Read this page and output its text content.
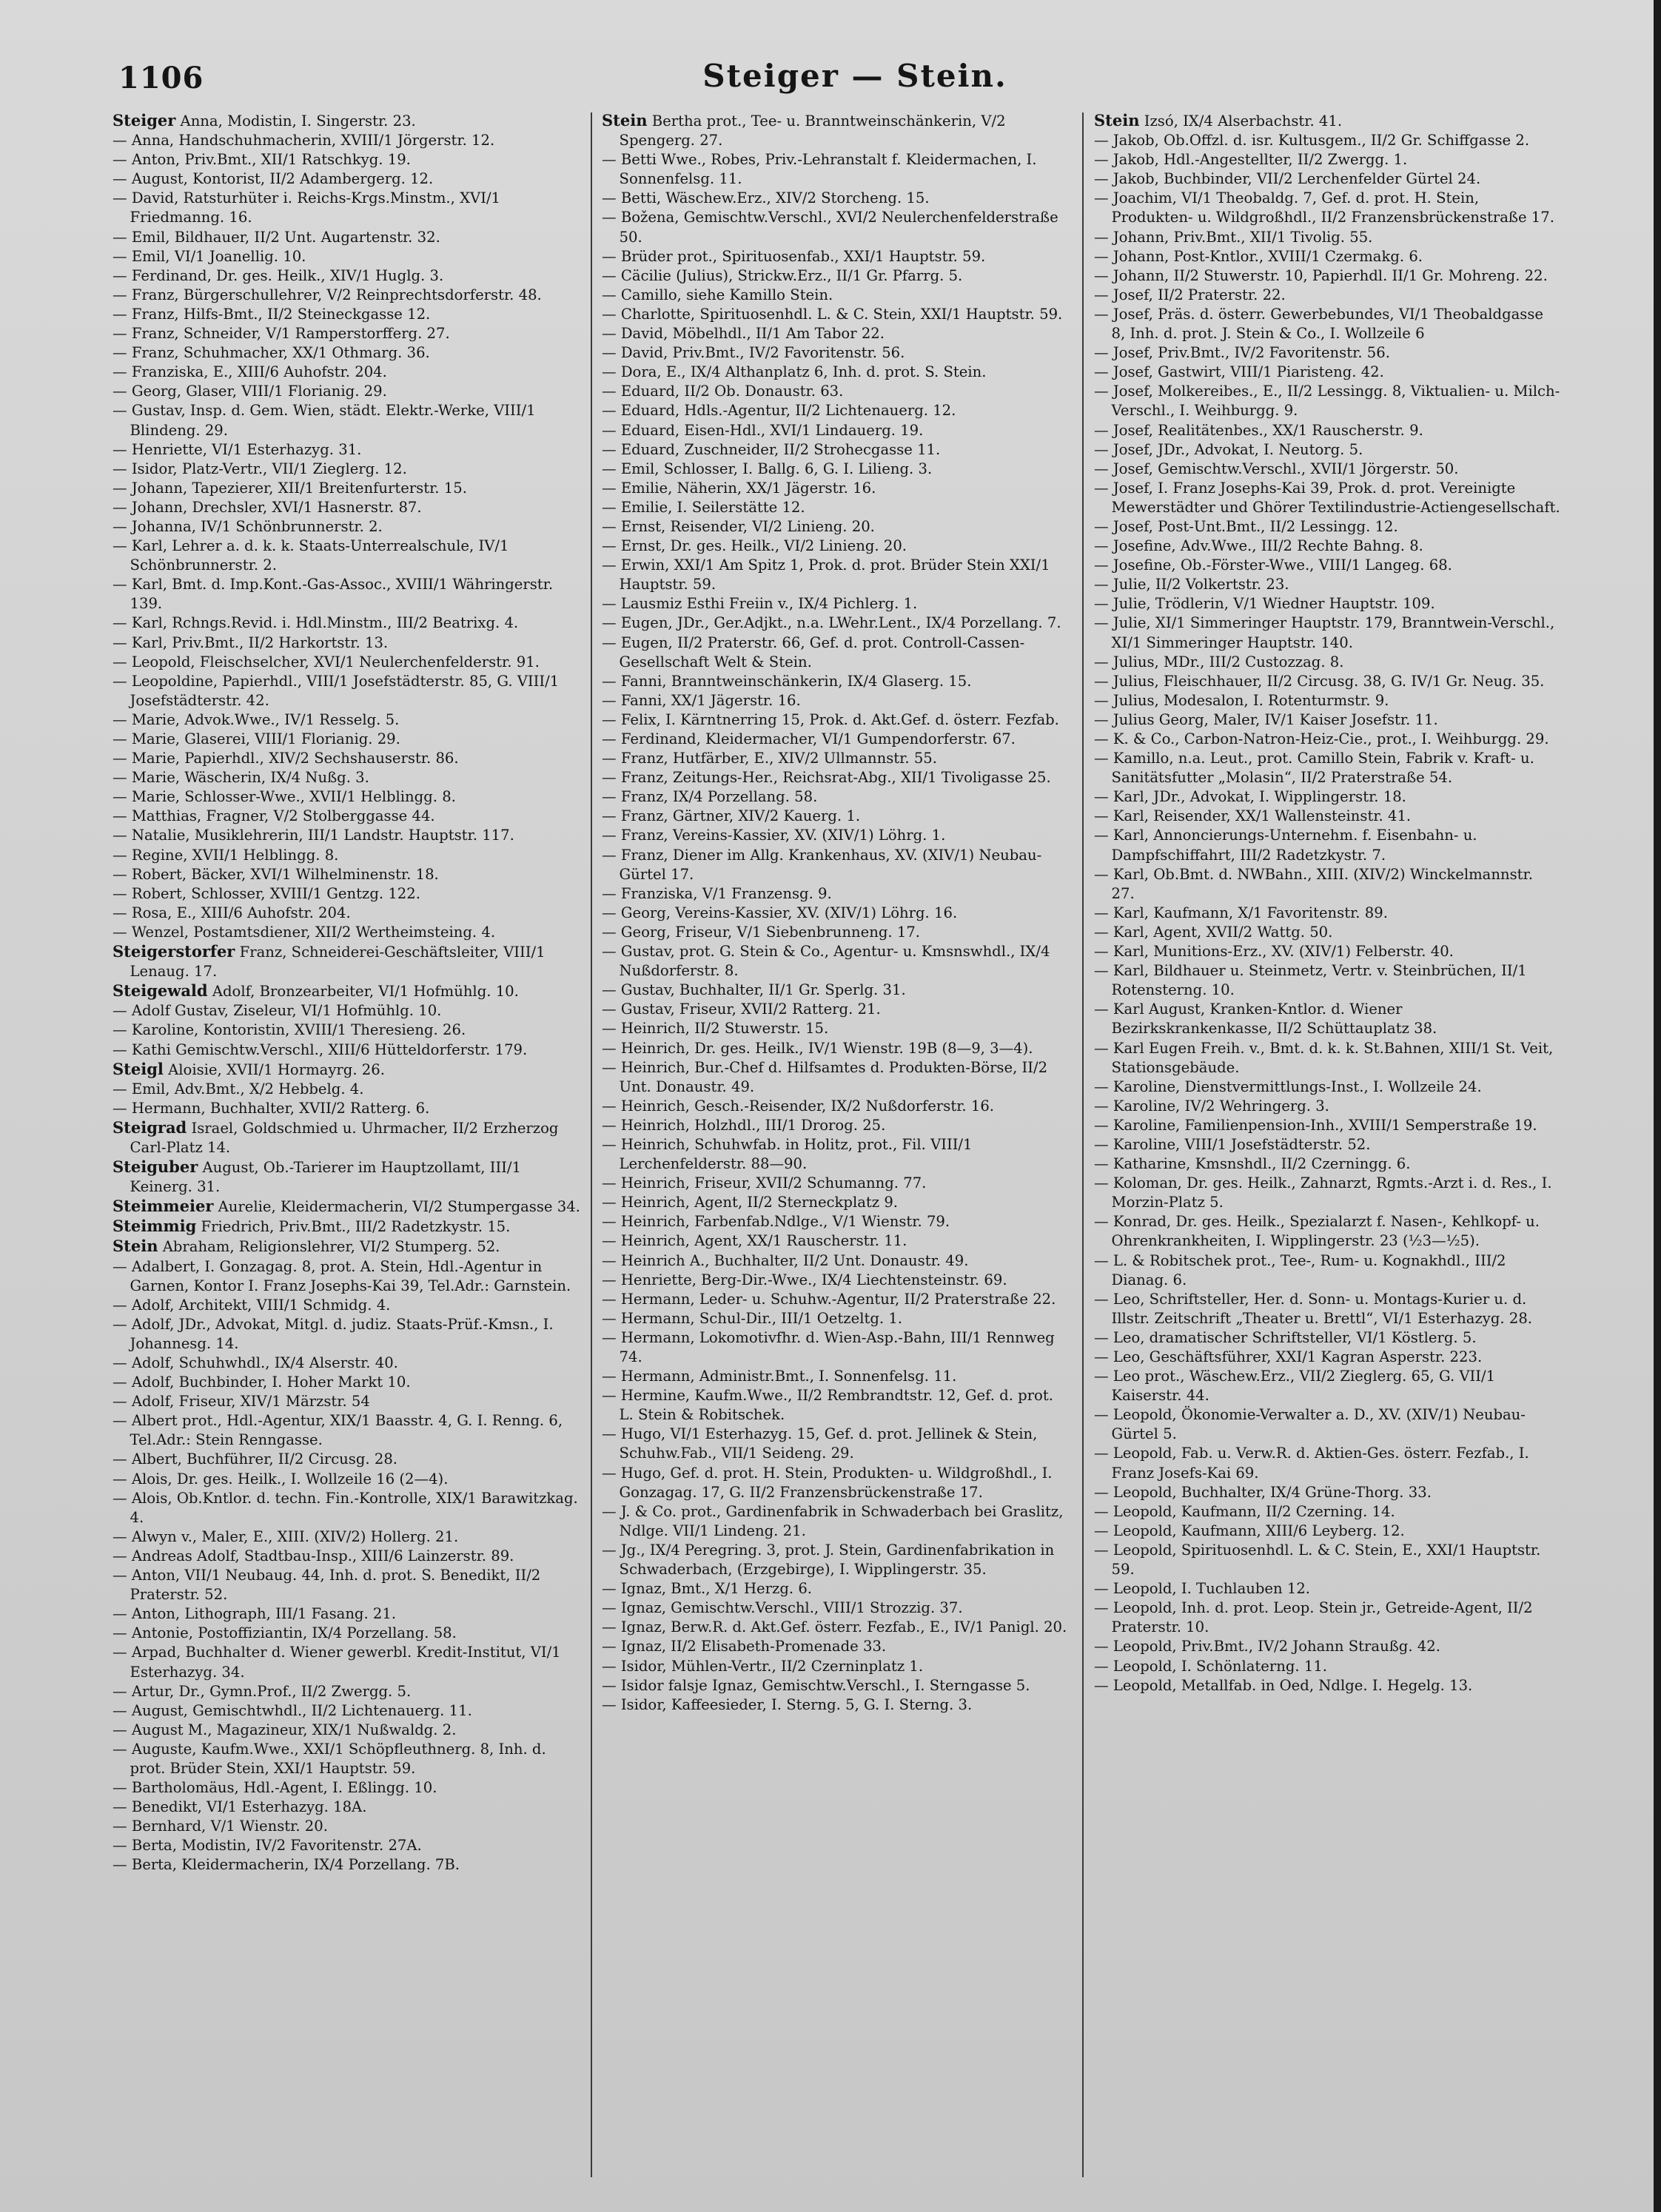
1106	Steiger — Stein.

Steiger Anna, Modistin, I. Singerstr. 23.

— Anna, Handschuhmacherin, XVIII/1 Jörgerstr. 12.

— Anton, Priv.Bmt., XII/1 Ratschkyg. 19.

— August, Kontorist, II/2 Adambergerg. 12.

— David, Ratsturhüter i. Reichs-Krgs.Minstm., XVI/1 Friedmanng. 16.

— Emil, Bildhauer, II/2 Unt. Augartenstr. 32.

— Emil, VI/1 Joanellig. 10.

— Ferdinand, Dr. ges. Heilk., XIV/1 Huglg. 3.

— Franz, Bürgerschullehrer, V/2 Reinprechtsdorferstr. 48.

— Franz, Hilfs-Bmt., II/2 Steineckgasse 12.

— Franz, Schneider, V/1 Ramperstorfferg. 27.

— Franz, Schuhmacher, XX/1 Othmarg. 36.

— Franziska, E., XIII/6 Auhofstr. 204.

— Georg, Glaser, VIII/1 Florianig. 29.

— Gustav, Insp. d. Gem. Wien, städt. Elektr.-Werke, VIII/1 Blindeng. 29.

— Henriette, VI/1 Esterhazyg. 31.

— Isidor, Platz-Vertr., VII/1 Zieglerg. 12.

— Johann, Tapezierer, XII/1 Breitenfurterstr. 15.

— Johann, Drechsler, XVI/1 Hasnerstr. 87.

— Johanna, IV/1 Schönbrunnerstr. 2.

— Karl, Lehrer a. d. k. k. Staats-Unterrealschule, IV/1 Schönbrunnerstr. 2.

— Karl, Bmt. d. Imp.Kont.-Gas-Assoc., XVIII/1 Währingerstr. 139.

— Karl, Rchngs.Revid. i. Hdl.Minstm., III/2 Beatrixg. 4.

— Karl, Priv.Bmt., II/2 Harkortstr. 13.

— Leopold, Fleischselcher, XVI/1 Neulerchenfelderstr. 91.

— Leopoldine, Papierhdl., VIII/1 Josefstädterstr. 85, G. VIII/1 Josefstädterstr. 42.

— Marie, Advok.Wwe., IV/1 Resselg. 5.

— Marie, Glaserei, VIII/1 Florianig. 29.

— Marie, Papierhdl., XIV/2 Sechshauserstr. 86.

— Marie, Wäscherin, IX/4 Nußg. 3.

— Marie, Schlosser-Wwe., XVII/1 Helblingg. 8.

— Matthias, Fragner, V/2 Stolberggasse 44.

— Natalie, Musiklehrerin, III/1 Landstr. Hauptstr. 117.

— Regine, XVII/1 Helblingg. 8.

— Robert, Bäcker, XVI/1 Wilhelminenstr. 18.

— Robert, Schlosser, XVIII/1 Gentzg. 122.

— Rosa, E., XIII/6 Auhofstr. 204.

— Wenzel, Postamtsdiener, XII/2 Wertheimsteing. 4.

Steigerstorfer Franz, Schneiderei-Geschäftsleiter, VIII/1 Lenaug. 17.

Steigewald Adolf, Bronzearbeiter, VI/1 Hofmühlg. 10.

— Adolf Gustav, Ziseleur, VI/1 Hofmühlg. 10.

— Karoline, Kontoristin, XVIII/1 Theresieng. 26.

— Kathi Gemischtw.Verschl., XIII/6 Hütteldorferstr. 179.

Steigl Aloisie, XVII/1 Hormayrg. 26.

— Emil, Adv.Bmt., X/2 Hebbelg. 4.

— Hermann, Buchhalter, XVII/2 Ratterg. 6.

Steigrad Israel, Goldschmied u. Uhrmacher, II/2 Erzherzog Carl-Platz 14.

Steiguber August, Ob.-Tarierer im Hauptzollamt, III/1 Keinerg. 31.

Steimmeier Aurelie, Kleidermacherin, VI/2 Stumpergasse 34.

Steimmig Friedrich, Priv.Bmt., III/2 Radetzkystr. 15.

Stein Abraham, Religionslehrer, VI/2 Stumperg. 52.

— Adalbert, I. Gonzagag. 8, prot. A. Stein, Hdl.-Agentur in Garnen, Kontor I. Franz Josephs-Kai 39, Tel.Adr.: Garnstein.

— Adolf, Architekt, VIII/1 Schmidg. 4.

— Adolf, JDr., Advokat, Mitgl. d. judiz. Staats-Prüf.-Kmsn., I. Johannesg. 14.

— Adolf, Schuhwhdl., IX/4 Alserstr. 40.

— Adolf, Buchbinder, I. Hoher Markt 10.

— Adolf, Friseur, XIV/1 Märzstr. 54

— Albert prot., Hdl.-Agentur, XIX/1 Baasstr. 4, G. I. Renng. 6, Tel.Adr.: Stein Renngasse.

— Albert, Buchführer, II/2 Circusg. 28.

— Alois, Dr. ges. Heilk., I. Wollzeile 16 (2—4).

— Alois, Ob.Kntlor. d. techn. Fin.-Kontrolle, XIX/1 Barawitzkag. 4.

— Alwyn v., Maler, E., XIII. (XIV/2) Hollerg. 21.

— Andreas Adolf, Stadtbau-Insp., XIII/6 Lainzerstr. 89.

— Anton, VII/1 Neubaug. 44, Inh. d. prot. S. Benedikt, II/2 Praterstr. 52.

— Anton, Lithograph, III/1 Fasang. 21.

— Antonie, Postoffiziantin, IX/4 Porzellang. 58.

— Arpad, Buchhalter d. Wiener gewerbl. Kredit-Institut, VI/1 Esterhazyg. 34.

— Artur, Dr., Gymn.Prof., II/2 Zwergg. 5.

— August, Gemischtwhdl., II/2 Lichtenauerg. 11.

— August M., Magazineur, XIX/1 Nußwaldg. 2.

— Auguste, Kaufm.Wwe., XXI/1 Schöpfleuthnerg. 8, Inh. d. prot. Brüder Stein, XXI/1 Hauptstr. 59.

— Bartholomäus, Hdl.-Agent, I. Eßlingg. 10.

— Benedikt, VI/1 Esterhazyg. 18A.

— Bernhard, V/1 Wienstr. 20.

— Berta, Modistin, IV/2 Favoritenstr. 27A.

— Berta, Kleidermacherin, IX/4 Porzellang. 7B.

Stein Bertha prot., Tee- u. Branntweinschänkerin, V/2 Spengerg. 27.

— Betti Wwe., Robes, Priv.-Lehranstalt f. Kleidermachen, I. Sonnenfelsg. 11.

— Betti, Wäschew.Erz., XIV/2 Storcheng. 15.

— Božena, Gemischtw.Verschl., XVI/2 Neulerchenfelderstraße 50.

— Brüder prot., Spirituosenfab., XXI/1 Hauptstr. 59.

— Cäcilie (Julius), Strickw.Erz., II/1 Gr. Pfarrg. 5.

— Camillo, siehe Kamillo Stein.

— Charlotte, Spirituosenhdl. L. & C. Stein, XXI/1 Hauptstr. 59.

— David, Möbelhdl., II/1 Am Tabor 22.

— David, Priv.Bmt., IV/2 Favoritenstr. 56.

— Dora, E., IX/4 Althanplatz 6, Inh. d. prot. S. Stein.

— Eduard, II/2 Ob. Donaustr. 63.

— Eduard, Hdls.-Agentur, II/2 Lichtenauerg. 12.

— Eduard, Eisen-Hdl., XVI/1 Lindauerg. 19.

— Eduard, Zuschneider, II/2 Strohecgasse 11.

— Emil, Schlosser, I. Ballg. 6, G. I. Lilieng. 3.

— Emilie, Näherin, XX/1 Jägerstr. 16.

— Emilie, I. Seilerstätte 12.

— Ernst, Reisender, VI/2 Linieng. 20.

— Ernst, Dr. ges. Heilk., VI/2 Linieng. 20.

— Erwin, XXI/1 Am Spitz 1, Prok. d. prot. Brüder Stein XXI/1 Hauptstr. 59.

— Lausmiz Esthi Freiin v., IX/4 Pichlerg. 1.

— Eugen, JDr., Ger.Adjkt., n.a. LWehr.Lent., IX/4 Porzellang. 7.

— Eugen, II/2 Praterstr. 66, Gef. d. prot. Controll-Cassen-Gesellschaft Welt & Stein.

— Fanni, Branntweinschänkerin, IX/4 Glaserg. 15.

— Fanni, XX/1 Jägerstr. 16.

— Felix, I. Kärntnerring 15, Prok. d. Akt.Gef. d. österr. Fezfab.

— Ferdinand, Kleidermacher, VI/1 Gumpendorferstr. 67.

— Franz, Hutfärber, E., XIV/2 Ullmannstr. 55.

— Franz, Zeitungs-Her., Reichsrat-Abg., XII/1 Tivoligasse 25.

— Franz, IX/4 Porzellang. 58.

— Franz, Gärtner, XIV/2 Kauerg. 1.

— Franz, Vereins-Kassier, XV. (XIV/1) Löhrg. 1.

— Franz, Diener im Allg. Krankenhaus, XV. (XIV/1) Neubau-Gürtel 17.

— Franziska, V/1 Franzensg. 9.

— Georg, Vereins-Kassier, XV. (XIV/1) Löhrg. 16.

— Georg, Friseur, V/1 Siebenbrunneng. 17.

— Gustav, prot. G. Stein & Co., Agentur- u. Kmsnswhdl., IX/4 Nußdorferstr. 8.

— Gustav, Buchhalter, II/1 Gr. Sperlg. 31.

— Gustav, Friseur, XVII/2 Ratterg. 21.

— Heinrich, II/2 Stuwerstr. 15.

— Heinrich, Dr. ges. Heilk., IV/1 Wienstr. 19B (8—9, 3—4).

— Heinrich, Bur.-Chef d. Hilfsamtes d. Produkten-Börse, II/2 Unt. Donaustr. 49.

— Heinrich, Gesch.-Reisender, IX/2 Nußdorferstr. 16.

— Heinrich, Holzhdl., III/1 Drorog. 25.

— Heinrich, Schuhwfab. in Holitz, prot., Fil. VIII/1 Lerchenfelderstr. 88—90.

— Heinrich, Friseur, XVII/2 Schumanng. 77.

— Heinrich, Agent, II/2 Sterneckplatz 9.

— Heinrich, Farbenfab.Ndlge., V/1 Wienstr. 79.

— Heinrich, Agent, XX/1 Rauscherstr. 11.

— Heinrich A., Buchhalter, II/2 Unt. Donaustr. 49.

— Henriette, Berg-Dir.-Wwe., IX/4 Liechtensteinstr. 69.

— Hermann, Leder- u. Schuhw.-Agentur, II/2 Praterstraße 22.

— Hermann, Schul-Dir., III/1 Oetzeltg. 1.

— Hermann, Lokomotivfhr. d. Wien-Asp.-Bahn, III/1 Rennweg 74.

— Hermann, Administr.Bmt., I. Sonnenfelsg. 11.

— Hermine, Kaufm.Wwe., II/2 Rembrandtstr. 12, Gef. d. prot. L. Stein & Robitschek.

— Hugo, VI/1 Esterhazyg. 15, Gef. d. prot. Jellinek & Stein, Schuhw.Fab., VII/1 Seideng. 29.

— Hugo, Gef. d. prot. H. Stein, Produkten- u. Wildgroßhdl., I. Gonzagag. 17, G. II/2 Franzensbrückenstraße 17.

— J. & Co. prot., Gardinenfabrik in Schwaderbach bei Graslitz, Ndlge. VII/1 Lindeng. 21.

— Jg., IX/4 Peregring. 3, prot. J. Stein, Gardinenfabrikation in Schwaderbach, (Erzgebirge), I. Wipplingerstr. 35.

— Ignaz, Bmt., X/1 Herzg. 6.

— Ignaz, Gemischtw.Verschl., VIII/1 Strozzig. 37.

— Ignaz, Berw.R. d. Akt.Gef. österr. Fezfab., E., IV/1 Panigl. 20.

— Ignaz, II/2 Elisabeth-Promenade 33.

— Isidor, Mühlen-Vertr., II/2 Czerninplatz 1.

— Isidor falsje Ignaz, Gemischtw.Verschl., I. Sterngasse 5.

— Isidor, Kaffeesieder, I. Sterng. 5, G. I. Sterng. 3.

Stein Izsó, IX/4 Alserbachstr. 41.

— Jakob, Ob.Offzl. d. isr. Kultusgem., II/2 Gr. Schiffgasse 2.

— Jakob, Hdl.-Angestellter, II/2 Zwergg. 1.

— Jakob, Buchbinder, VII/2 Lerchenfelder Gürtel 24.

— Joachim, VI/1 Theobaldg. 7, Gef. d. prot. H. Stein, Produkten- u. Wildgroßhdl., II/2 Franzensbrückenstraße 17.

— Johann, Priv.Bmt., XII/1 Tivolig. 55.

— Johann, Post-Kntlor., XVIII/1 Czermakg. 6.

— Johann, II/2 Stuwerstr. 10, Papierhdl. II/1 Gr. Mohreng. 22.

— Josef, II/2 Praterstr. 22.

— Josef, Präs. d. österr. Gewerbebundes, VI/1 Theobaldgasse 8, Inh. d. prot. J. Stein & Co., I. Wollzeile 6

— Josef, Priv.Bmt., IV/2 Favoritenstr. 56.

— Josef, Gastwirt, VIII/1 Piaristeng. 42.

— Josef, Molkereibes., E., II/2 Lessingg. 8, Viktualien- u. Milch-Verschl., I. Weihburgg. 9.

— Josef, Realitätenbes., XX/1 Rauscherstr. 9.

— Josef, JDr., Advokat, I. Neutorg. 5.

— Josef, Gemischtw.Verschl., XVII/1 Jörgerstr. 50.

— Josef, I. Franz Josephs-Kai 39, Prok. d. prot. Vereinigte Mewerstädter und Ghörer Textilindustrie-Actiengesellschaft.

— Josef, Post-Unt.Bmt., II/2 Lessingg. 12.

— Josefine, Adv.Wwe., III/2 Rechte Bahng. 8.

— Josefine, Ob.-Förster-Wwe., VIII/1 Langeg. 68.

— Julie, II/2 Volkertstr. 23.

— Julie, Trödlerin, V/1 Wiedner Hauptstr. 109.

— Julie, XI/1 Simmeringer Hauptstr. 179, Branntwein-Verschl., XI/1 Simmeringer Hauptstr. 140.

— Julius, MDr., III/2 Custozzag. 8.

— Julius, Fleischhauer, II/2 Circusg. 38, G. IV/1 Gr. Neug. 35.

— Julius, Modesalon, I. Rotenturmstr. 9.

— Julius Georg, Maler, IV/1 Kaiser Josefstr. 11.

— K. & Co., Carbon-Natron-Heiz-Cie., prot., I. Weihburgg. 29.

— Kamillo, n.a. Leut., prot. Camillo Stein, Fabrik v. Kraft- u. Sanitätsfutter „Molasin“, II/2 Praterstraße 54.

— Karl, JDr., Advokat, I. Wipplingerstr. 18.

— Karl, Reisender, XX/1 Wallensteinstr. 41.

— Karl, Annoncierungs-Unternehm. f. Eisenbahn- u. Dampfschiffahrt, III/2 Radetzkystr. 7.

— Karl, Ob.Bmt. d. NWBahn., XIII. (XIV/2) Winckelmannstr. 27.

— Karl, Kaufmann, X/1 Favoritenstr. 89.

— Karl, Agent, XVII/2 Wattg. 50.

— Karl, Munitions-Erz., XV. (XIV/1) Felberstr. 40.

— Karl, Bildhauer u. Steinmetz, Vertr. v. Steinbrüchen, II/1 Rotensterng. 10.

— Karl August, Kranken-Kntlor. d. Wiener Bezirkskrankenkasse, II/2 Schüttauplatz 38.

— Karl Eugen Freih. v., Bmt. d. k. k. St.Bahnen, XIII/1 St. Veit, Stationsgebäude.

— Karoline, Dienstvermittlungs-Inst., I. Wollzeile 24.

— Karoline, IV/2 Wehringerg. 3.

— Karoline, Familienpension-Inh., XVIII/1 Semperstraße 19.

— Karoline, VIII/1 Josefstädterstr. 52.

— Katharine, Kmsnshdl., II/2 Czerningg. 6.

— Koloman, Dr. ges. Heilk., Zahnarzt, Rgmts.-Arzt i. d. Res., I. Morzin-Platz 5.

— Konrad, Dr. ges. Heilk., Spezialarzt f. Nasen-, Kehlkopf- u. Ohrenkrankheiten, I. Wipplingerstr. 23 (½3—½5).

— L. & Robitschek prot., Tee-, Rum- u. Kognakhdl., III/2 Dianag. 6.

— Leo, Schriftsteller, Her. d. Sonn- u. Montags-Kurier u. d. Illstr. Zeitschrift „Theater u. Brettl“, VI/1 Esterhazyg. 28.

— Leo, dramatischer Schriftsteller, VI/1 Köstlerg. 5.

— Leo, Geschäftsführer, XXI/1 Kagran Asperstr. 223.

— Leo prot., Wäschew.Erz., VII/2 Zieglerg. 65, G. VII/1 Kaiserstr. 44.

— Leopold, Ökonomie-Verwalter a. D., XV. (XIV/1) Neubau-Gürtel 5.

— Leopold, Fab. u. Verw.R. d. Aktien-Ges. österr. Fezfab., I. Franz Josefs-Kai 69.

— Leopold, Buchhalter, IX/4 Grüne-Thorg. 33.

— Leopold, Kaufmann, II/2 Czerning. 14.

— Leopold, Kaufmann, XIII/6 Leyberg. 12.

— Leopold, Spirituosenhdl. L. & C. Stein, E., XXI/1 Hauptstr. 59.

— Leopold, I. Tuchlauben 12.

— Leopold, Inh. d. prot. Leop. Stein jr., Getreide-Agent, II/2 Praterstr. 10.

— Leopold, Priv.Bmt., IV/2 Johann Straußg. 42.

— Leopold, I. Schönlaterng. 11.

— Leopold, Metallfab. in Oed, Ndlge. I. Hegelg. 13.
